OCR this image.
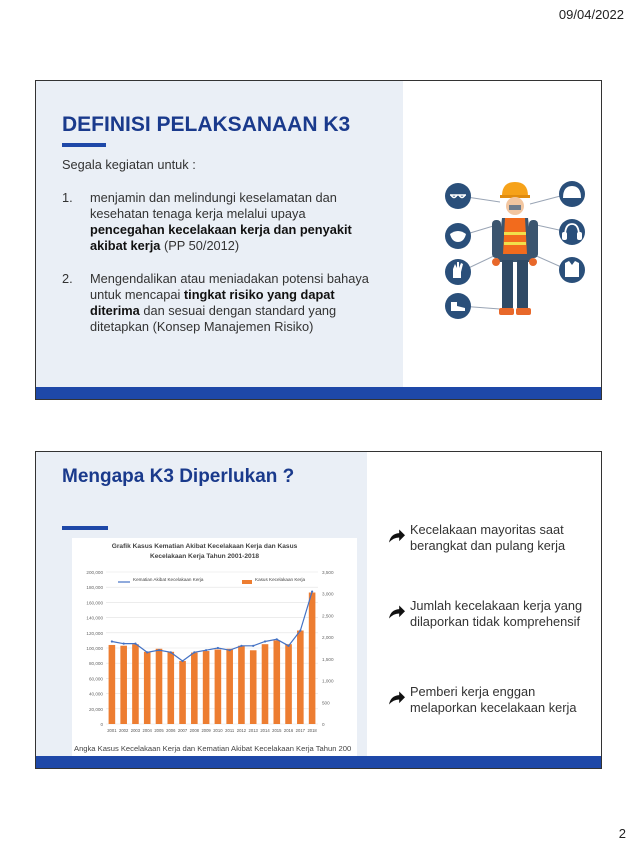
09/04/2022
DEFINISI PELAKSANAAN K3
Segala kegiatan untuk :
1.	menjamin dan melindungi keselamatan dan kesehatan tenaga kerja melalui upaya pencegahan kecelakaan kerja dan penyakit akibat kerja (PP 50/2012)
2.	Mengendalikan atau meniadakan potensi bahaya untuk mencapai tingkat risiko yang dapat diterima dan sesuai dengan standard yang ditetapkan (Konsep Manajemen Risiko)
Mengapa K3 Diperlukan ?
Grafik Kasus Kematian Akibat Kecelakaan Kerja dan Kasus
Kecelakaan Kerja Tahun 2001-2018
0
20,000
40,000
60,000
80,000
100,000
120,000
140,000
160,000
180,000
200,000
0
500
1,000
1,500
2,000
2,500
3,000
3,500
2001 2002 2003 2004 2005 2006 2007 2008 2009 2010 2011 2012 2013 2014 2015 2016 2017 2018
Kematian Akibat Kecelakaan Kerja	Kasus Kecelakaan Kerja
Angka Kasus Kecelakaan Kerja dan Kematian Akibat Kecelakaan Kerja Tahun 200
Kecelakaan mayoritas saat berangkat dan pulang kerja
Jumlah kecelakaan kerja yang dilaporkan tidak komprehensif
Pemberi kerja enggan melaporkan kecelakaan kerja
2
